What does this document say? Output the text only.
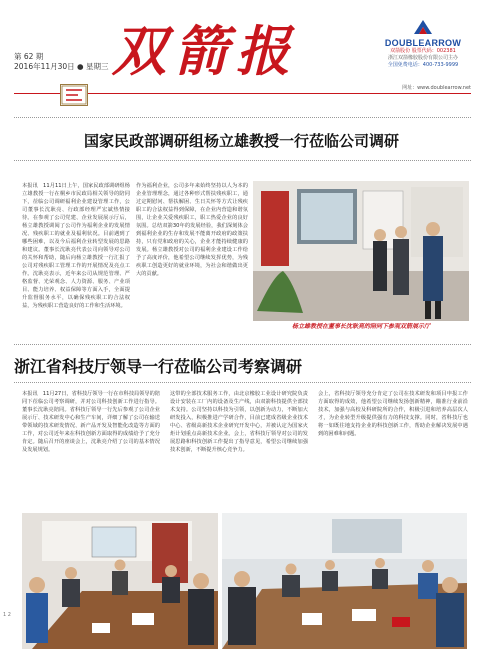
第 62 期
2016年11月30日 ● 星期三 双箭报	DOUBLEARROW
双箭股份 股票代码：002381
浙江双箭橡胶股份有限公司主办
全国免费电话：400-733-9999
网址：www.doublearrow.net
国家民政部调研组杨立雄教授一行莅临公司调研
本报讯　11月11日上午，国家民政部调研组杨立雄教授一行在桐乡市民政局相关领导的陪同下，莅临公司调研福利企业建设管理工作，公司董事长沈耿亮、行政部经理严宏斌热情接待。在参观了公司党建、企业发展展示厅后，杨立雄教授调阅了公司作为福利企业的发展情况、残疾职工的就业及福利状况。目前遇到了哪些困难，以及今后福利企业转型发展的思路和建议。董事长沈耿亮代表公司向领导对公司的关怀和帮助，随后向杨立雄教授一行汇报了公司对残疾职工管理工作的开展情况及亮点工作。沈耿亮表示，近年来公司从规范管理、严格监督、光荣观念、人力资源、服务、产业项目、能力培养、权益保障等方面入手，全面提升监督服务水平，以确保残疾职工的合法权益，为残疾职工营造良好的工作和生活环境。
作为福利企业，公司多年来始终坚持以人为本的企业管理理念，通过各种形式帮扶残疾职工，通过定期慰问、帮扶解困、生日关怀等方式让残疾职工的合法权益得到保障，在企业内营造和谐氛围，让企业关爱残疾职工，职工热爱企业的良好氛围。总结双箭30年的发展经验，我们深刻体会到福利企业的生存和发展不能离开政府的政策扶持，只有党和政府的关心，企业才能持续健康的发展。杨立雄教授对公司的福利企业建设工作给予了高度评价，他希望公司继续发挥优势，为残疾职工创造更好的就业环境，为社会和谐做出更大的贡献。
杨立雄教授在董事长沈耿亮的陪同下参观双箭展示厅
浙江省科技厅领导一行莅临公司考察调研
本报讯　11月27日，省科技厅领导一行在市科技局领导的陪同下莅临公司考察调研，并对公司科技创新工作进行指导。董事长沈耿亮陪同。省科技厅领导一行先后参观了公司企业展示厅、技术研发中心和生产车间，详细了解了公司在输送带领域的技术研发情况、新产品开发及智能化改造等方面的工作，对公司近年来在科技创新方面取得的成绩给予了充分肯定。随后召开的座谈会上，沈耿亮介绍了公司的基本情况及发展规划。
这带的全部技术服务工作，由北京橡胶工业设计研究院负责设计安装在工厂内的设备及生产线，由双箭科技提供全部技术支持。公司坚持以科技为引领，以创新为动力，不断加大研发投入，积极推进产学研合作，目前已建成省级企业技术中心、省级高新技术企业研究开发中心，并被认定为国家火炬计划重点高新技术企业。会上，省科技厅领导对公司的发展思路和科技创新工作提出了指导意见，希望公司继续加强技术创新，不断提升核心竞争力。
会上，省科技厅领导充分肯定了公司在技术研发和项目申报工作方面取得的成效，他希望公司继续发扬创新精神，瞄准行业前沿技术，加强与高校及科研院所的合作，积极引进和培养高层次人才，为企业转型升级提供强有力的科技支撑。同时，省科技厅也将一如既往地支持企业的科技创新工作，帮助企业解决发展中遇到的困难和问题。
1 2
